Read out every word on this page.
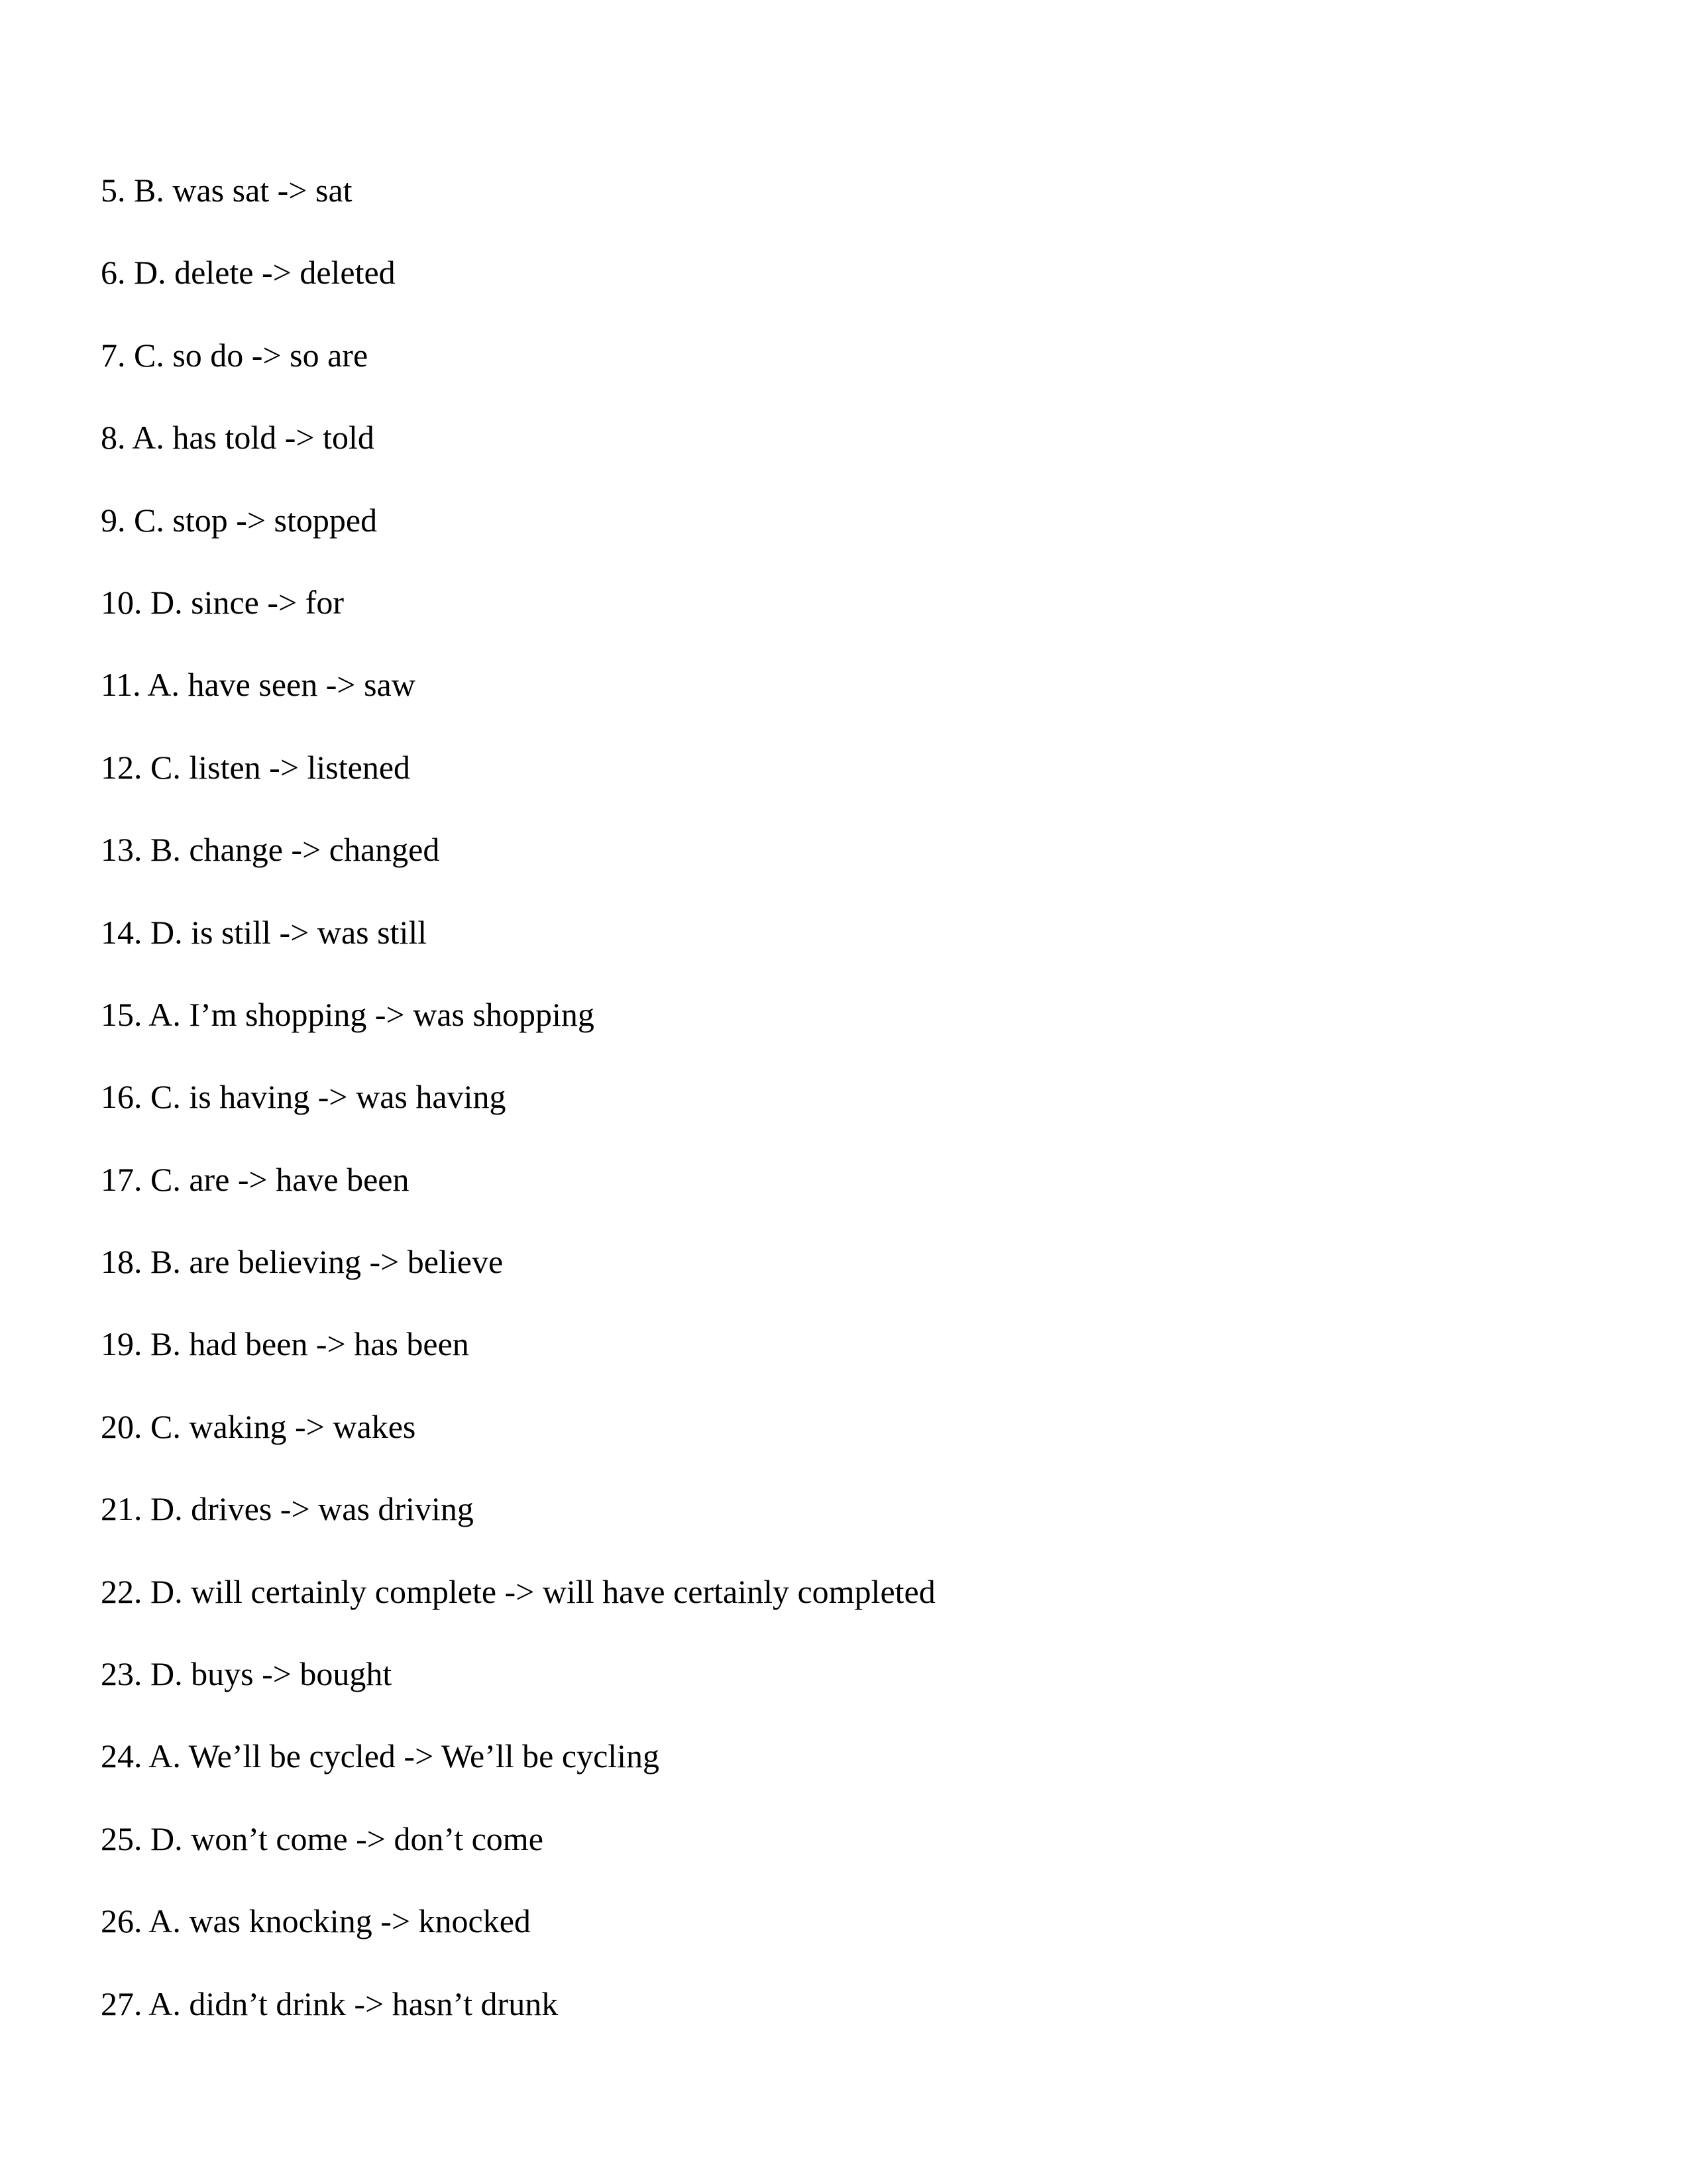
5. B. was sat -> sat
6. D. delete -> deleted
7. C. so do -> so are
8. A. has told -> told
9. C. stop -> stopped
10. D. since -> for
11. A. have seen -> saw
12. C. listen -> listened
13. B. change -> changed
14. D. is still -> was still
15. A. I’m shopping -> was shopping
16. C. is having -> was having
17. C. are -> have been
18. B. are believing -> believe
19. B. had been -> has been
20. C. waking -> wakes
21. D. drives -> was driving
22. D. will certainly complete -> will have certainly completed
23. D. buys -> bought
24. A. We’ll be cycled -> We’ll be cycling
25. D. won’t come -> don’t come
26. A. was knocking -> knocked
27. A. didn’t drink -> hasn’t drunk
